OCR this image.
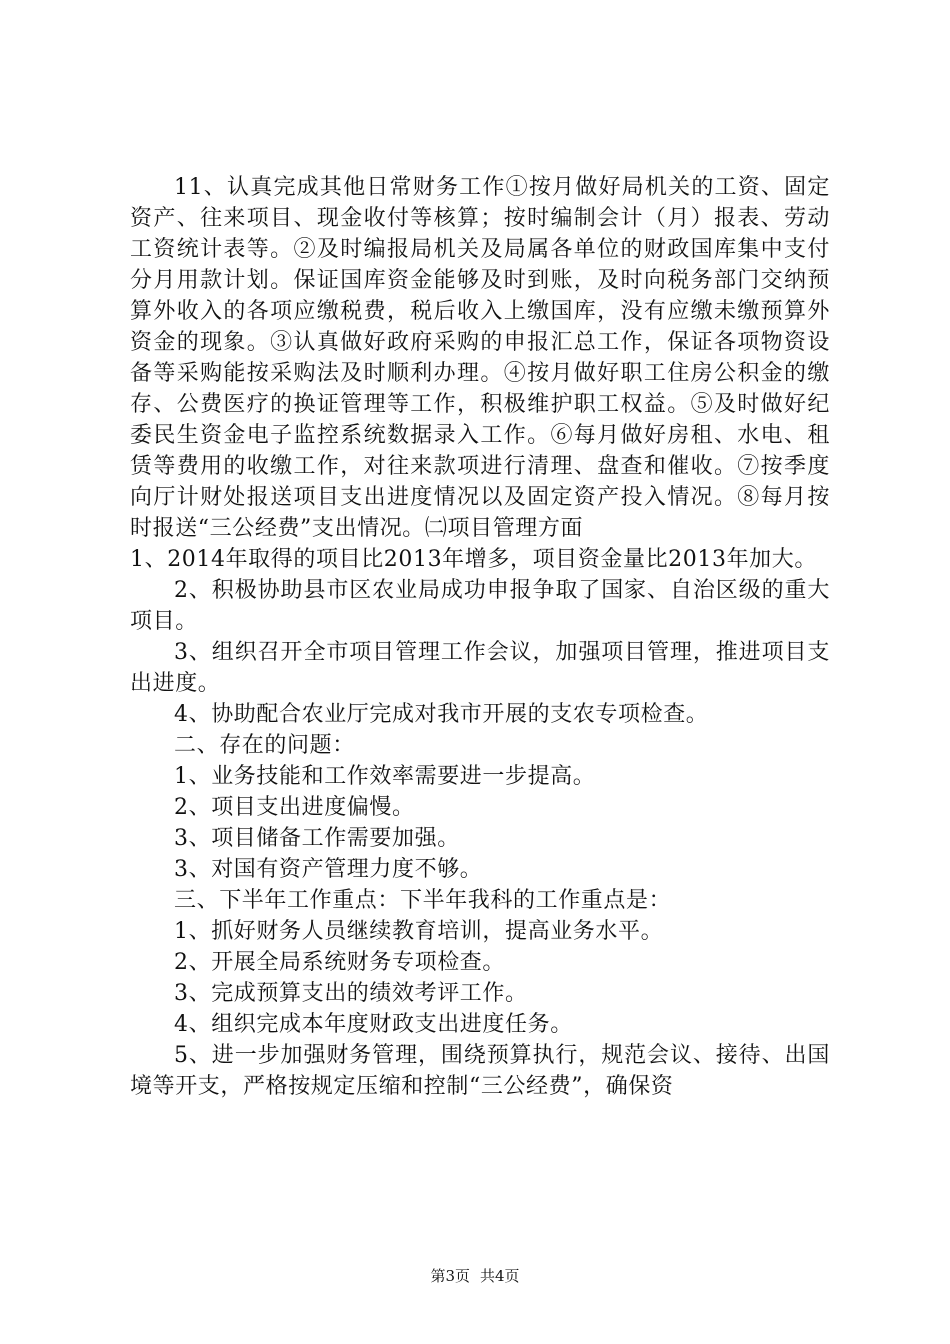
11、认真完成其他日常财务工作①按月做好局机关的工资、固定资产、往来项目、现金收付等核算；按时编制会计（月）报表、劳动工资统计表等。②及时编报局机关及局属各单位的财政国库集中支付分月用款计划。保证国库资金能够及时到账，及时向税务部门交纳预算外收入的各项应缴税费，税后收入上缴国库，没有应缴未缴预算外资金的现象。③认真做好政府采购的申报汇总工作，保证各项物资设备等采购能按采购法及时顺利办理。④按月做好职工住房公积金的缴存、公费医疗的换证管理等工作，积极维护职工权益。⑤及时做好纪委民生资金电子监控系统数据录入工作。⑥每月做好房租、水电、租赁等费用的收缴工作，对往来款项进行清理、盘查和催收。⑦按季度向厅计财处报送项目支出进度情况以及固定资产投入情况。⑧每月按时报送“三公经费”支出情况。㈡项目管理方面

1、2014年取得的项目比2013年增多，项目资金量比2013年加大。

2、积极协助县市区农业局成功申报争取了国家、自治区级的重大项目。

3、组织召开全市项目管理工作会议，加强项目管理，推进项目支出进度。

4、协助配合农业厅完成对我市开展的支农专项检查。

二、存在的问题：

1、业务技能和工作效率需要进一步提高。

2、项目支出进度偏慢。

3、项目储备工作需要加强。

3、对国有资产管理力度不够。

三、下半年工作重点：下半年我科的工作重点是：

1、抓好财务人员继续教育培训，提高业务水平。

2、开展全局系统财务专项检查。

3、完成预算支出的绩效考评工作。

4、组织完成本年度财政支出进度任务。

5、进一步加强财务管理，围绕预算执行，规范会议、接待、出国境等开支，严格按规定压缩和控制“三公经费”，确保资

第3页 共4页
